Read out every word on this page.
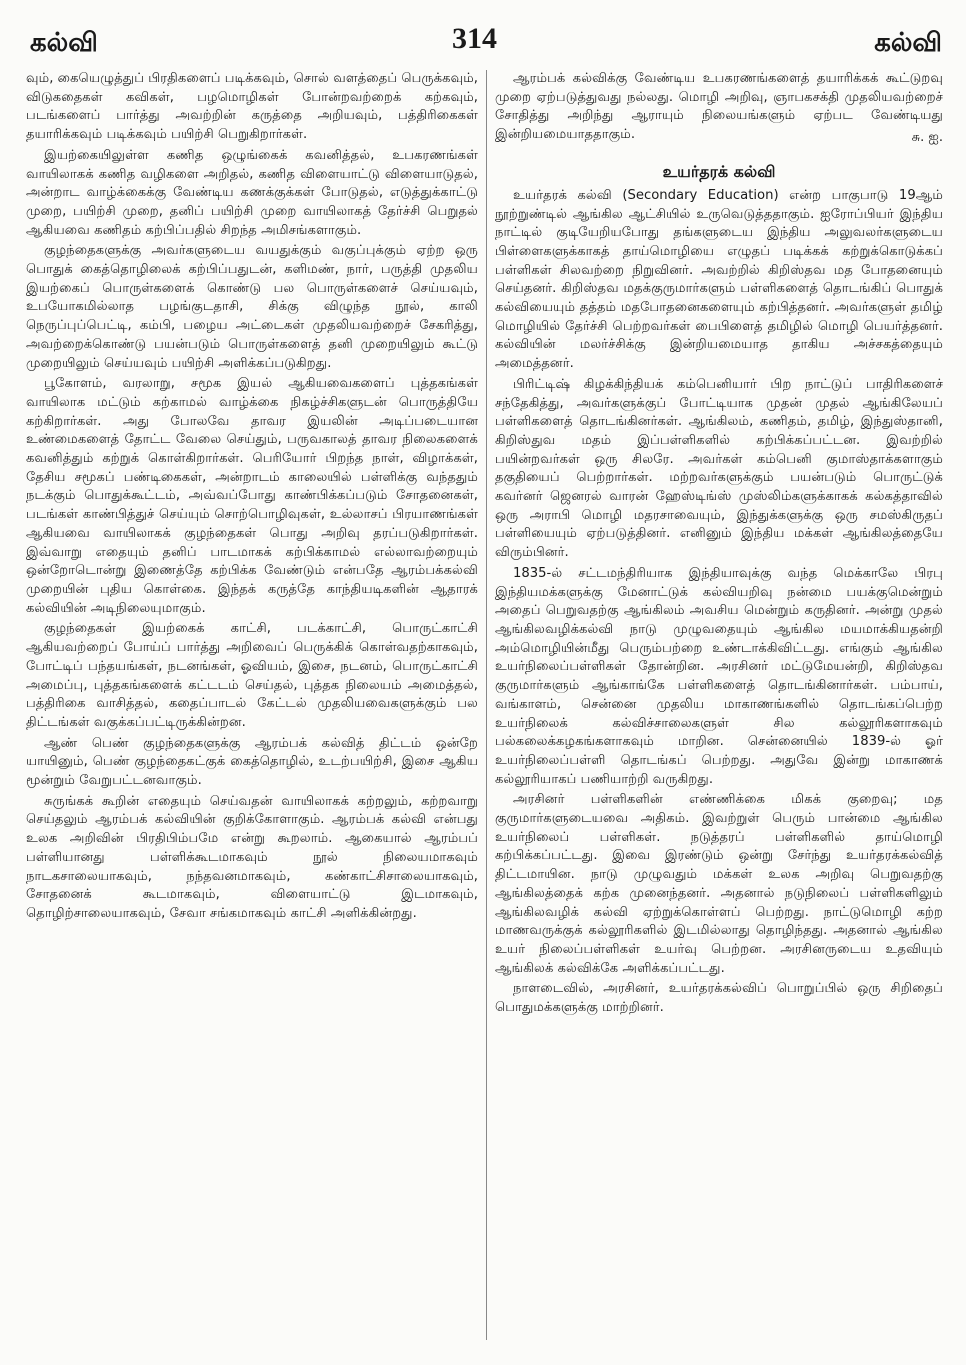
கல்வி	314	கல்வி

வும், கையெழுத்துப் பிரதிகளைப் படிக்கவும், சொல் வளத்தைப் பெருக்கவும், விடுகதைகள் கவிகள், பழமொழிகள் போன்றவற்றைக் கற்கவும், படங்களைப் பார்த்து அவற்றின் கருத்தை அறியவும், பத்திரிகைகள் தயாரிக்கவும் படிக்கவும் பயிற்சி பெறுகிறார்கள்.

இயற்கையிலுள்ள கணித ஒழுங்கைக் கவனித்தல், உபகரணங்கள் வாயிலாகக் கணித வழிகளை அறிதல், கணித விளையாட்டு விளையாடுதல், அன்றாட வாழ்க்கைக்கு வேண்டிய கணக்குக்கள் போடுதல், எடுத்துக்காட்டு முறை, பயிற்சி முறை, தனிப் பயிற்சி முறை வாயிலாகத் தேர்ச்சி பெறுதல் ஆகியவை கணிதம் கற்பிப்பதில் சிறந்த அமிசங்களாகும்.

குழந்தைகளுக்கு அவர்களுடைய வயதுக்கும் வகுப்புக்கும் ஏற்ற ஒரு பொதுக் கைத்தொழிலைக் கற்பிப்பதுடன், களிமண், நார், பருத்தி முதலிய இயற்கைப் பொருள்களைக் கொண்டு பல பொருள்களைச் செய்யவும், உபயோகமில்லாத பழங்குடதாசி, சிக்கு விழுந்த நூல், காலி நெருப்புப்பெட்டி, கம்பி, பழைய அட்டைகள் முதலியவற்றைச் சேகரித்து, அவற்றைக்கொண்டு பயன்படும் பொருள்களைத் தனி முறையிலும் கூட்டு முறையிலும் செய்யவும் பயிற்சி அளிக்கப்படுகிறது.

பூகோளம், வரலாறு, சமூக இயல் ஆகியவைகளைப் புத்தகங்கள் வாயிலாக மட்டும் கற்காமல் வாழ்க்கை நிகழ்ச்சிகளுடன் பொருத்தியே கற்கிறார்கள். அது போலவே தாவர இயலின் அடிப்படையான உண்மைகளைத் தோட்ட வேலை செய்தும், பருவகாலத் தாவர நிலைகளைக் கவனித்தும் கற்றுக் கொள்கிறார்கள். பெரியோர் பிறந்த நாள், விழாக்கள், தேசிய சமூகப் பண்டிகைகள், அன்றாடம் காலையில் பள்ளிக்கு வந்ததும் நடக்கும் பொதுக்கூட்டம், அவ்வப்போது காண்பிக்கப்படும் சோதனைகள், படங்கள் காண்பித்துச் செய்யும் சொற்பொழிவுகள், உல்லாசப் பிரயாணங்கள் ஆகியவை வாயிலாகக் குழந்தைகள் பொது அறிவு தரப்படுகிறார்கள். இவ்வாறு எதையும் தனிப் பாடமாகக் கற்பிக்காமல் எல்லாவற்றையும் ஒன்றோடொன்று இணைத்தே கற்பிக்க வேண்டும் என்பதே ஆரம்பக்கல்வி முறையின் புதிய கொள்கை. இந்தக் கருத்தே காந்தியடிகளின் ஆதாரக் கல்வியின் அடிநிலையுமாகும்.

குழந்தைகள் இயற்கைக் காட்சி, படக்காட்சி, பொருட்காட்சி ஆகியவற்றைப் போய்ப் பார்த்து அறிவைப் பெருக்கிக் கொள்வதற்காகவும், போட்டிப் பந்தயங்கள், நடனங்கள், ஓவியம், இசை, நடனம், பொருட்காட்சி அமைப்பு, புத்தகங்களைக் கட்டடம் செய்தல், புத்தக நிலையம் அமைத்தல், பத்திரிகை வாசித்தல், கதைப்பாடல் கேட்டல் முதலியவைகளுக்கும் பல திட்டங்கள் வகுக்கப்பட்டிருக்கின்றன.

ஆண் பெண் குழந்தைகளுக்கு ஆரம்பக் கல்வித் திட்டம் ஒன்றே யாயினும், பெண் குழந்தைகட்குக் கைத்தொழில், உடற்பயிற்சி, இசை ஆகிய மூன்றும் வேறுபட்டனவாகும்.

சுருங்கக் கூறின் எதையும் செய்வதன் வாயிலாகக் கற்றலும், கற்றவாறு செய்தலும் ஆரம்பக் கல்வியின் குறிக்கோளாகும். ஆரம்பக் கல்வி என்பது உலக அறிவின் பிரதிபிம்பமே என்று கூறலாம். ஆகையால் ஆரம்பப் பள்ளியானது பள்ளிக்கூடமாகவும் நூல் நிலையமாகவும் நாடகசாலையாகவும், நந்தவனமாகவும், கண்காட்சிசாலையாகவும், சோதனைக் கூடமாகவும், விளையாட்டு இடமாகவும், தொழிற்சாலையாகவும், சேவா சங்கமாகவும் காட்சி அளிக்கின்றது.

ஆரம்பக் கல்விக்கு வேண்டிய உபகரணங்களைத் தயாரிக்கக் கூட்டுறவு முறை ஏற்படுத்துவது நல்லது. மொழி அறிவு, ஞாபகசக்தி முதலியவற்றைச் சோதித்து அறிந்து ஆராயும் நிலையங்களும் ஏற்பட வேண்டியது இன்றியமையாததாகும்.	சு. ஐ.
உயர்தரக் கல்வி

உயர்தரக் கல்வி (Secondary Education) என்ற பாகுபாடு 19ஆம் நூற்றுண்டில் ஆங்கில ஆட்சியில் உருவெடுத்ததாகும். ஐரோப்பியர் இந்திய நாட்டில் குடியேறியபோது தங்களுடைய இந்திய அலுவலர்களுடைய பிள்ளைகளுக்காகத் தாய்மொழியை எழுதப் படிக்கக் கற்றுக்கொடுக்கப் பள்ளிகள் சிலவற்றை நிறுவினர். அவற்றில் கிறிஸ்தவ மத போதனையும் செய்தனர். கிறிஸ்தவ மதக்குருமார்களும் பள்ளிகளைத் தொடங்கிப் பொதுக் கல்வியையும் தத்தம் மதபோதனைகளையும் கற்பித்தனர். அவர்களுள் தமிழ் மொழியில் தேர்ச்சி பெற்றவர்கள் பைபிளைத் தமிழில் மொழி பெயர்த்தனர். கல்வியின் மலர்ச்சிக்கு இன்றியமையாத தாகிய அச்சகத்தையும் அமைத்தனர்.

பிரிட்டிஷ் கிழக்கிந்தியக் கம்பெனியார் பிற நாட்டுப் பாதிரிகளைச் சந்தேகித்து, அவர்களுக்குப் போட்டியாக முதன் முதல் ஆங்கிலேயப் பள்ளிகளைத் தொடங்கினர்கள். ஆங்கிலம், கணிதம், தமிழ், இந்துஸ்தானி, கிறிஸ்துவ மதம் இப்பள்ளிகளில் கற்பிக்கப்பட்டன. இவற்றில் பயின்றவர்கள் ஒரு சிலரே. அவர்கள் கம்பெனி குமாஸ்தாக்களாகும் தகுதியைப் பெற்றார்கள். மற்றவர்களுக்கும் பயன்படும் பொருட்டுக் கவர்னர் ஜெனரல் வாரன் ஹேஸ்டிங்ஸ் முஸ்லிம்களுக்காகக் கல்கத்தாவில் ஒரு அராபி மொழி மதரசாவையும், இந்துக்களுக்கு ஒரு சமஸ்கிருதப் பள்ளியையும் ஏற்படுத்தினர். எனினும் இந்திய மக்கள் ஆங்கிலத்தையே விரும்பினர்.

1835-ல் சட்டமந்திரியாக இந்தியாவுக்கு வந்த மெக்காலே பிரபு இந்தியமக்களுக்கு மேனாட்டுக் கல்வியறிவு நன்மை பயக்குமென்றும் அதைப் பெறுவதற்கு ஆங்கிலம் அவசிய மென்றும் கருதினர். அன்று முதல் ஆங்கிலவழிக்கல்வி நாடு முழுவதையும் ஆங்கில மயமாக்கியதன்றி அம்மொழியின்மீது பெரும்பற்றை உண்டாக்கிவிட்டது. எங்கும் ஆங்கில உயர்நிலைப்பள்ளிகள் தோன்றின. அரசினர் மட்டுமேயன்றி, கிறிஸ்தவ குருமார்களும் ஆங்காங்கே பள்ளிகளைத் தொடங்கினார்கள். பம்பாய், வங்காளம், சென்னை முதலிய மாகாணங்களில் தொடங்கப்பெற்ற உயர்நிலைக் கல்விச்சாலைகளுள் சில கல்லூரிகளாகவும் பல்கலைக்கழகங்களாகவும் மாறின. சென்னையில் 1839-ல் ஓர் உயர்நிலைப்பள்ளி தொடங்கப் பெற்றது. அதுவே இன்று மாகாணக் கல்லூரியாகப் பணியாற்றி வருகிறது.

அரசினர் பள்ளிகளின் எண்ணிக்கை மிகக் குறைவு; மத குருமார்களுடையவை அதிகம். இவற்றுள் பெரும் பான்மை ஆங்கில உயர்நிலைப் பள்ளிகள். நடுத்தரப் பள்ளிகளில் தாய்மொழி கற்பிக்கப்பட்டது. இவை இரண்டும் ஒன்று சேர்ந்து உயர்தரக்கல்வித் திட்டமாயின. நாடு முழுவதும் மக்கள் உலக அறிவு பெறுவதற்கு ஆங்கிலத்தைக் கற்க முனைந்தனர். அதனால் நடுநிலைப் பள்ளிகளிலும் ஆங்கிலவழிக் கல்வி ஏற்றுக்கொள்ளப் பெற்றது. நாட்டுமொழி கற்ற மாணவருக்குக் கல்லூரிகளில் இடமில்லாது தொழிந்தது. அதனால் ஆங்கில உயர் நிலைப்பள்ளிகள் உயர்வு பெற்றன. அரசினருடைய உதவியும் ஆங்கிலக் கல்விக்கே அளிக்கப்பட்டது.

நாளடைவில், அரசினர், உயர்தரக்கல்விப் பொறுப்பில் ஒரு சிறிதைப் பொதுமக்களுக்கு மாற்றினர்.
